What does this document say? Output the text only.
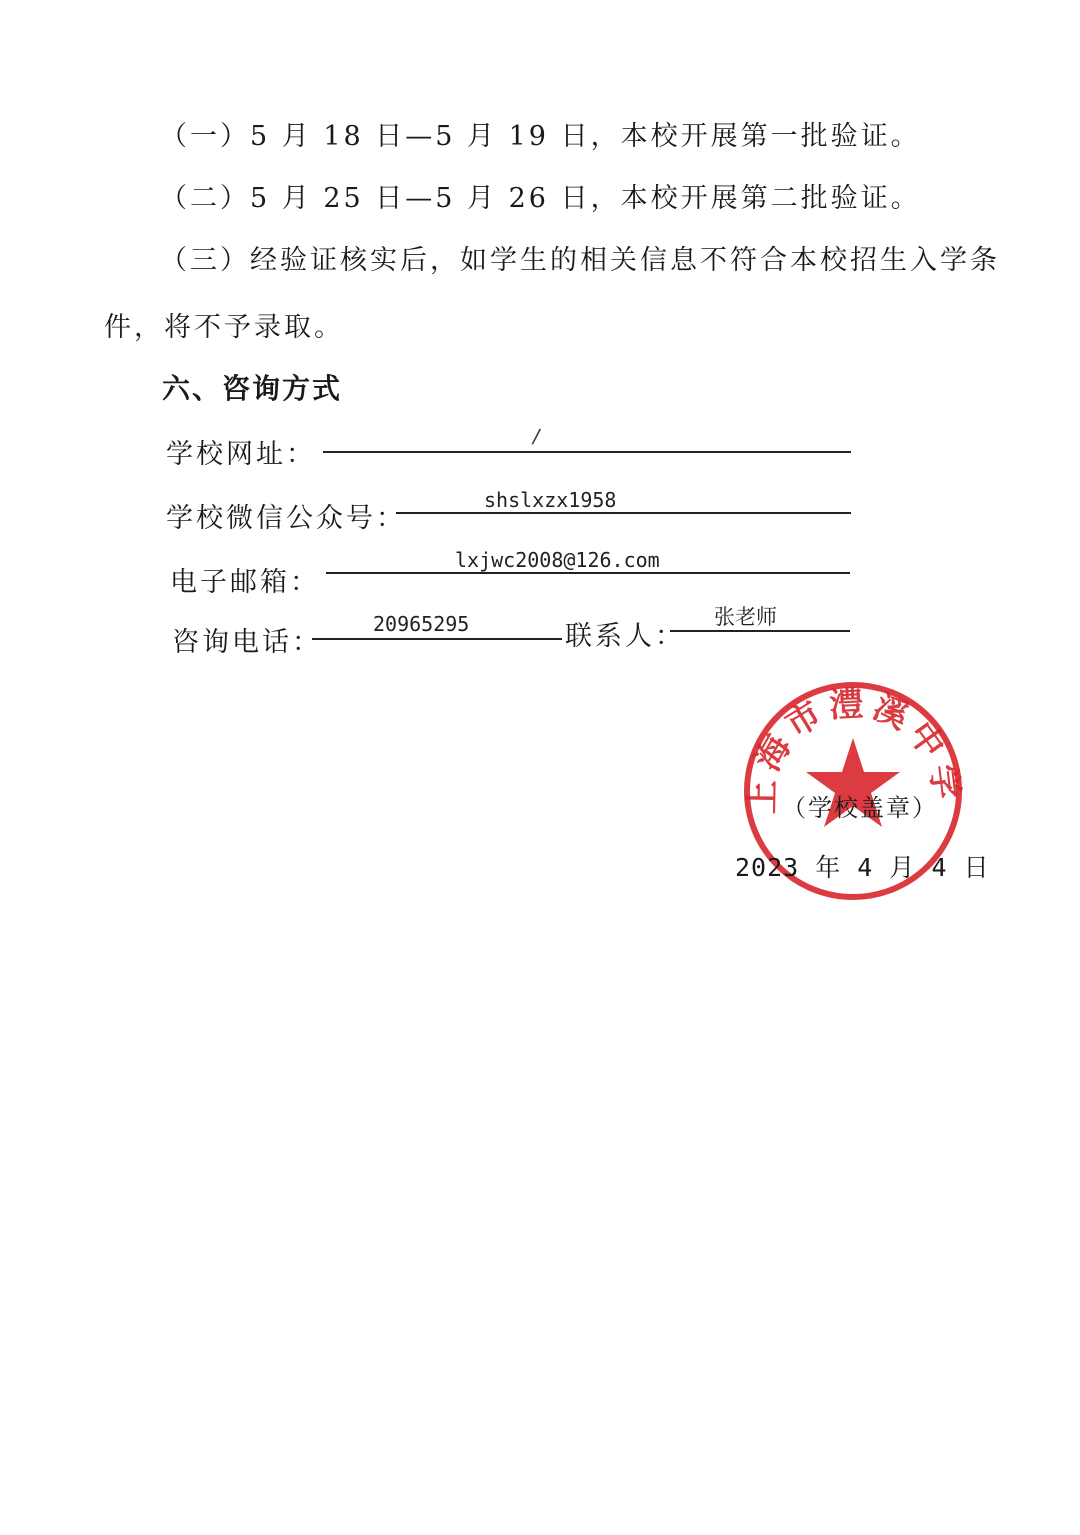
（一）5 月 18 日—5 月 19 日，本校开展第一批验证。
（二）5 月 25 日—5 月 26 日，本校开展第二批验证。
（三）经验证核实后，如学生的相关信息不符合本校招生入学条
件，将不予录取。
六、咨询方式
学校网址：
/
学校微信公众号：
shslxzx1958
电子邮箱：
lxjwc2008@126.com
咨询电话：
20965295	联系人：
张老师
上海市澧溪中学
（学校盖章）
2023 年 4 月 4 日
